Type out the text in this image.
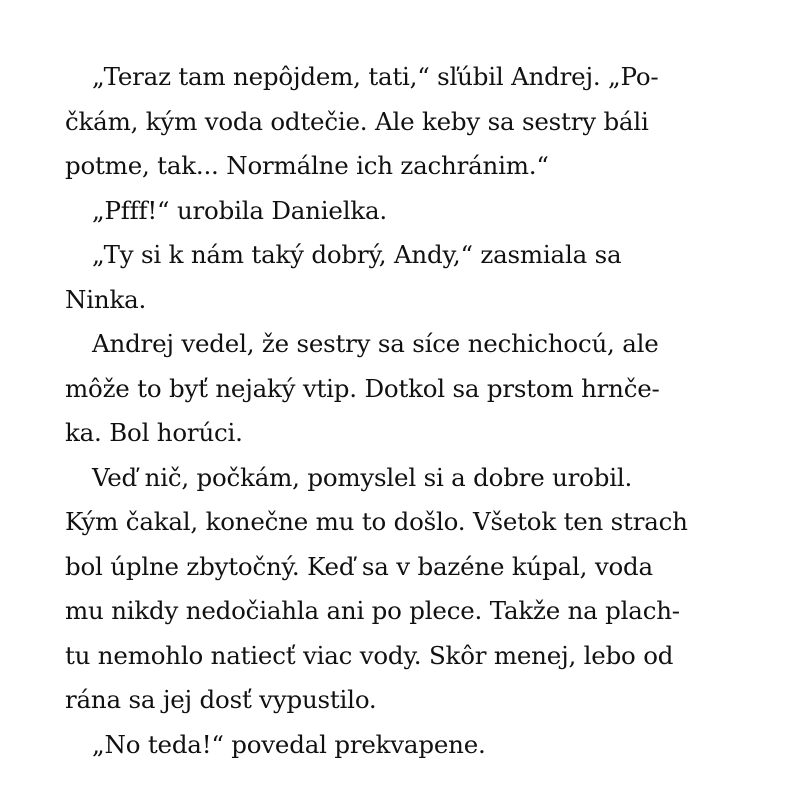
„Teraz tam nepôjdem, tati,“ sľúbil Andrej. „Po-
čkám, kým voda odtečie. Ale keby sa sestry báli
potme, tak... Normálne ich zachránim.“
„Pfff!“ urobila Danielka.
„Ty si k nám taký dobrý, Andy,“ zasmiala sa
Ninka.
Andrej vedel, že sestry sa síce nechichocú, ale
môže to byť nejaký vtip. Dotkol sa prstom hrnče-
ka. Bol horúci.
Veď nič, počkám, pomyslel si a dobre urobil.
Kým čakal, konečne mu to došlo. Všetok ten strach
bol úplne zbytočný. Keď sa v bazéne kúpal, voda
mu nikdy nedočiahla ani po plece. Takže na plach-
tu nemohlo natiecť viac vody. Skôr menej, lebo od
rána sa jej dosť vypustilo.
„No teda!“ povedal prekvapene.
